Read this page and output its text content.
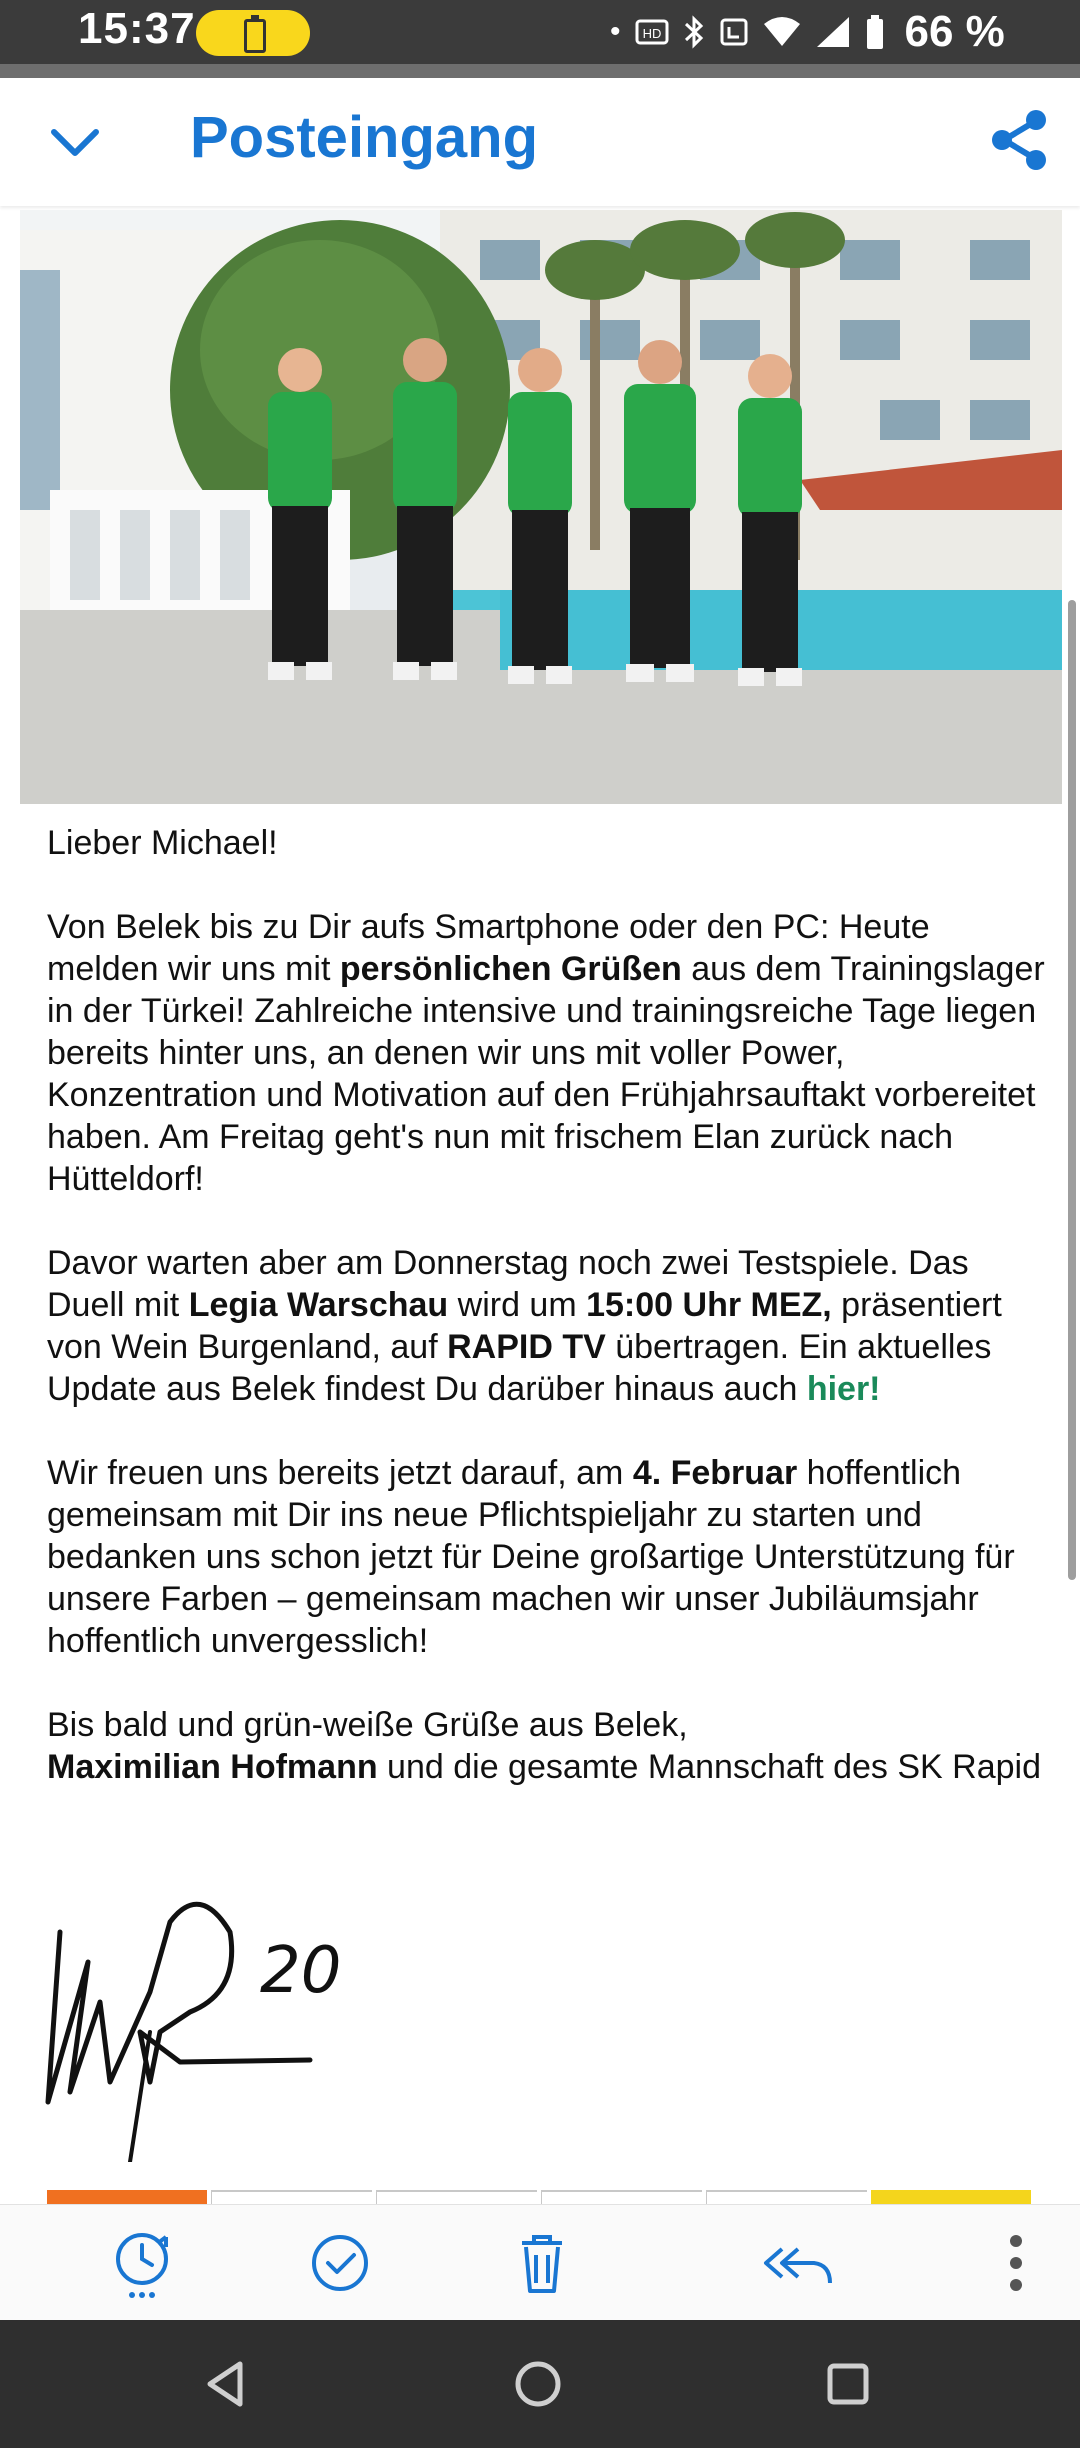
15:37	• HD	66 %
Posteingang

Lieber Michael!

Von Belek bis zu Dir aufs Smartphone oder den PC: Heute melden wir uns mit persönlichen Grüßen aus dem Trainingslager in der Türkei! Zahlreiche intensive und trainingsreiche Tage liegen bereits hinter uns, an denen wir uns mit voller Power, Konzentration und Motivation auf den Frühjahrsauftakt vorbereitet haben. Am Freitag geht's nun mit frischem Elan zurück nach Hütteldorf!

Davor warten aber am Donnerstag noch zwei Testspiele. Das Duell mit Legia Warschau wird um 15:00 Uhr MEZ, präsentiert von Wein Burgenland, auf RAPID TV übertragen. Ein aktuelles Update aus Belek findest Du darüber hinaus auch hier!

Wir freuen uns bereits jetzt darauf, am 4. Februar hoffentlich gemeinsam mit Dir ins neue Pflichtspieljahr zu starten und bedanken uns schon jetzt für Deine großartige Unterstützung für unsere Farben – gemeinsam machen wir unser Jubiläumsjahr hoffentlich unvergesslich!

Bis bald und grün-weiße Grüße aus Belek,
Maximilian Hofmann und die gesamte Mannschaft des SK Rapid

20
